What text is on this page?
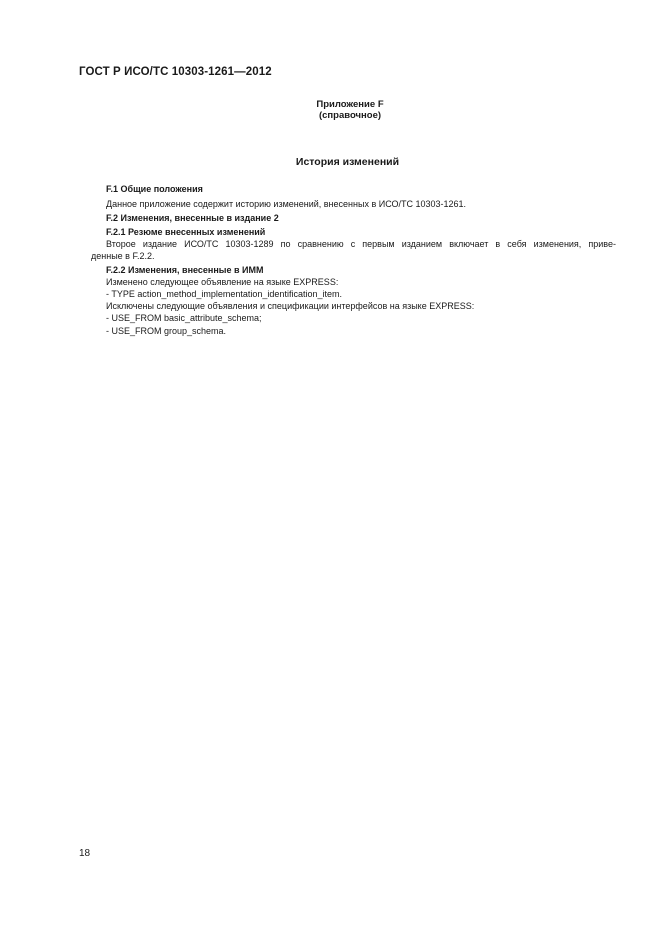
ГОСТ Р ИСО/ТС 10303-1261—2012
Приложение F
(справочное)
История изменений
F.1 Общие положения
Данное приложение содержит историю изменений, внесенных в ИСО/ТС 10303-1261.
F.2 Изменения, внесенные в издание 2
F.2.1 Резюме внесенных изменений
Второе издание ИСО/ТС 10303-1289 по сравнению с первым изданием включает в себя изменения, приве-
денные в F.2.2.
F.2.2 Изменения, внесенные в ИММ
Изменено следующее объявление на языке EXPRESS:
- TYPE action_method_implementation_identification_item.
Исключены следующие объявления и спецификации интерфейсов на языке EXPRESS:
- USE_FROM basic_attribute_schema;
- USE_FROM group_schema.
18
